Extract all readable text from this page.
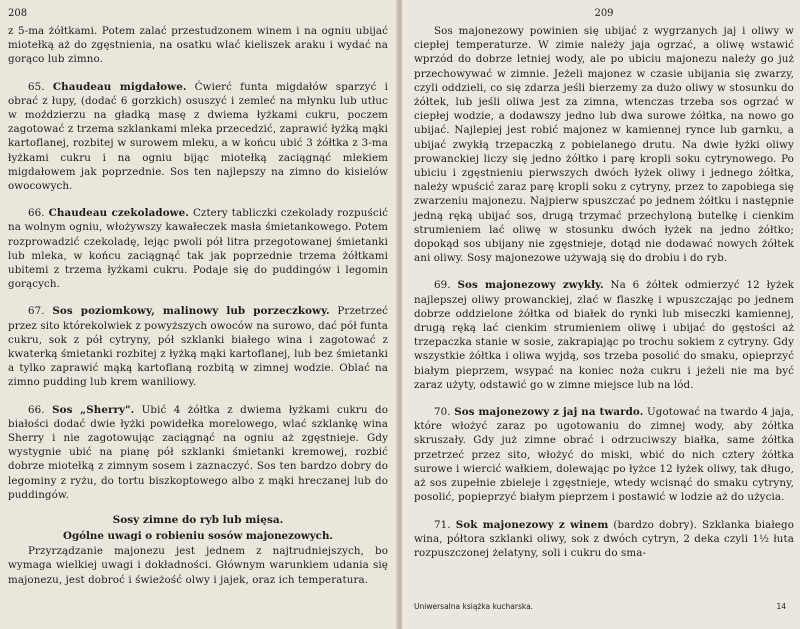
208

z 5-ma żółtkami. Potem zalać przestudzonem winem i na ogniu ubijać miotełką aż do zgęstnienia, na osatku wlać kieliszek araku i wydać na gorąco lub zimno.

65. Chaudeau migdałowe. Ćwierć funta migdałów sparzyć i obrać z łupy, (dodać 6 gorzkich) osuszyć i zemleć na młynku lub utłuc w moździerzu na gładką masę z dwiema łyżkami cukru, poczem zagotować z trzema szklankami mleka przecedzić, zaprawić łyżką mąki kartoflanej, rozbitej w surowem mleku, a w końcu ubić 3 żółtka z 3-ma łyżkami cukru i na ogniu bijąc miotełką zaciągnąć mlekiem migdałowem jak poprzednie. Sos ten najlepszy na zimno do kisielów owocowych.

66. Chaudeau czekoladowe. Cztery tabliczki czekolady rozpuścić na wolnym ogniu, włożywszy kawałeczek masła śmietankowego. Potem rozprowadzić czekoladę, lejąc pwoli pół litra przegotowanej śmietanki lub mleka, w końcu zaciągnąć tak jak poprzednie trzema żółtkami ubitemi z trzema łyżkami cukru. Podaje się do puddingów i legomin gorących.

67. Sos poziomkowy, malinowy lub porzeczkowy. Przetrzeć przez sito którekolwiek z powyższych owoców na surowo, dać pół funta cukru, sok z pół cytryny, pół szklanki białego wina i zagotować z kwaterką śmietanki rozbitej z łyżką mąki kartoflanej, lub bez śmietanki a tylko zaprawić mąką kartoflaną rozbitą w zimnej wodzie. Oblać na zimno pudding lub krem waniliowy.

66. Sos „Sherry". Ubić 4 żółtka z dwiema łyżkami cukru do białości dodać dwie łyżki powidełka morelowego, wlać szklankę wina Sherry i nie zagotowując zaciągnąć na ogniu aż zgęstnieje. Gdy wystygnie ubić na pianę pół szklanki śmietanki kremowej, rozbić dobrze miotełką z zimnym sosem i zaznaczyć. Sos ten bardzo dobry do legominy z ryżu, do tortu biszkoptowego albo z mąki hreczanej lub do puddingów.

Sosy zimne do ryb lub mięsa.
Ogólne uwagi o robieniu sosów majonezowych.

Przyrządzanie majonezu jest jednem z najtrudniejszych, bo wymaga wielkiej uwagi i dokładności. Głównym warunkiem udania się majonezu, jest dobroć i świeżość olwy i jajek, oraz ich temperatura.

209

Sos majonezowy powinien się ubijać z wygrzanych jaj i oliwy w ciepłej temperaturze. W zimie należy jaja ogrzać, a oliwę wstawić wprzód do dobrze letniej wody, ale po ubiciu majonezu należy go już przechowywać w zimnie. Jeżeli majonez w czasie ubijania się zwarzy, czyli oddzieli, co się zdarza jeśli bierzemy za dużo oliwy w stosunku do żółtek, lub jeśli oliwa jest za zimna, wtenczas trzeba sos ogrzać w ciepłej wodzie, a dodawszy jedno lub dwa surowe żółtka, na nowo go ubijać. Najlepiej jest robić majonez w kamiennej rynce lub garnku, a ubijać zwykłą trzepaczką z pobielanego drutu. Na dwie łyżki oliwy prowanckiej liczy się jedno żółtko i parę kropli soku cytrynowego. Po ubiciu i zgęstnieniu pierwszych dwóch łyżek oliwy i jednego żółtka, należy wpuścić zaraz parę kropli soku z cytryny, przez to zapobiega się zwarzeniu majonezu. Najpierw spuszczać po jednem żółtku i następnie jedną ręką ubijać sos, drugą trzymać przechyloną butelkę i cienkim strumieniem lać oliwę w stosunku dwóch łyżek na jedno żółtko; dopokąd sos ubijany nie zgęstnieje, dotąd nie dodawać nowych żółtek ani oliwy. Sosy majonezowe używają się do drobiu i do ryb.

69. Sos majonezowy zwykły. Na 6 żółtek odmierzyć 12 łyżek najlepszej oliwy prowanckiej, zlać w flaszkę i wpuszczając po jednem dobrze oddzielone żółtka od białek do rynki lub miseczki kamiennej, drugą ręką lać cienkim strumieniem oliwę i ubijać do gęstości aż trzepaczka stanie w sosie, zakrapiając po trochu sokiem z cytryny. Gdy wszystkie żółtka i oliwa wyjdą, sos trzeba posolić do smaku, opieprzyć białym pieprzem, wsypać na koniec noża cukru i jeżeli nie ma być zaraz użyty, odstawić go w zimne miejsce lub na lód.

70. Sos majonezowy z jaj na twardo. Ugotować na twardo 4 jaja, które włożyć zaraz po ugotowaniu do zimnej wody, aby żółtka skruszały. Gdy już zimne obrać i odrzuciwszy białka, same żółtka przetrzeć przez sito, włożyć do miski, wbić do nich cztery żółtka surowe i wiercić wałkiem, dolewając po łyżce 12 łyżek oliwy, tak długo, aż sos zupełnie zbieleje i zgęstnieje, wtedy wcisnąć do smaku cytryny, posolić, popieprzyć białym pieprzem i postawić w lodzie aż do użycia.

71. Sok majonezowy z winem (bardzo dobry). Szklanka białego wina, półtora szklanki oliwy, sok z dwóch cytryn, 2 deka czyli 1½ łuta rozpuszczonej żelatyny, soli i cukru do sma-

Uniwersalna książka kucharska.	14
